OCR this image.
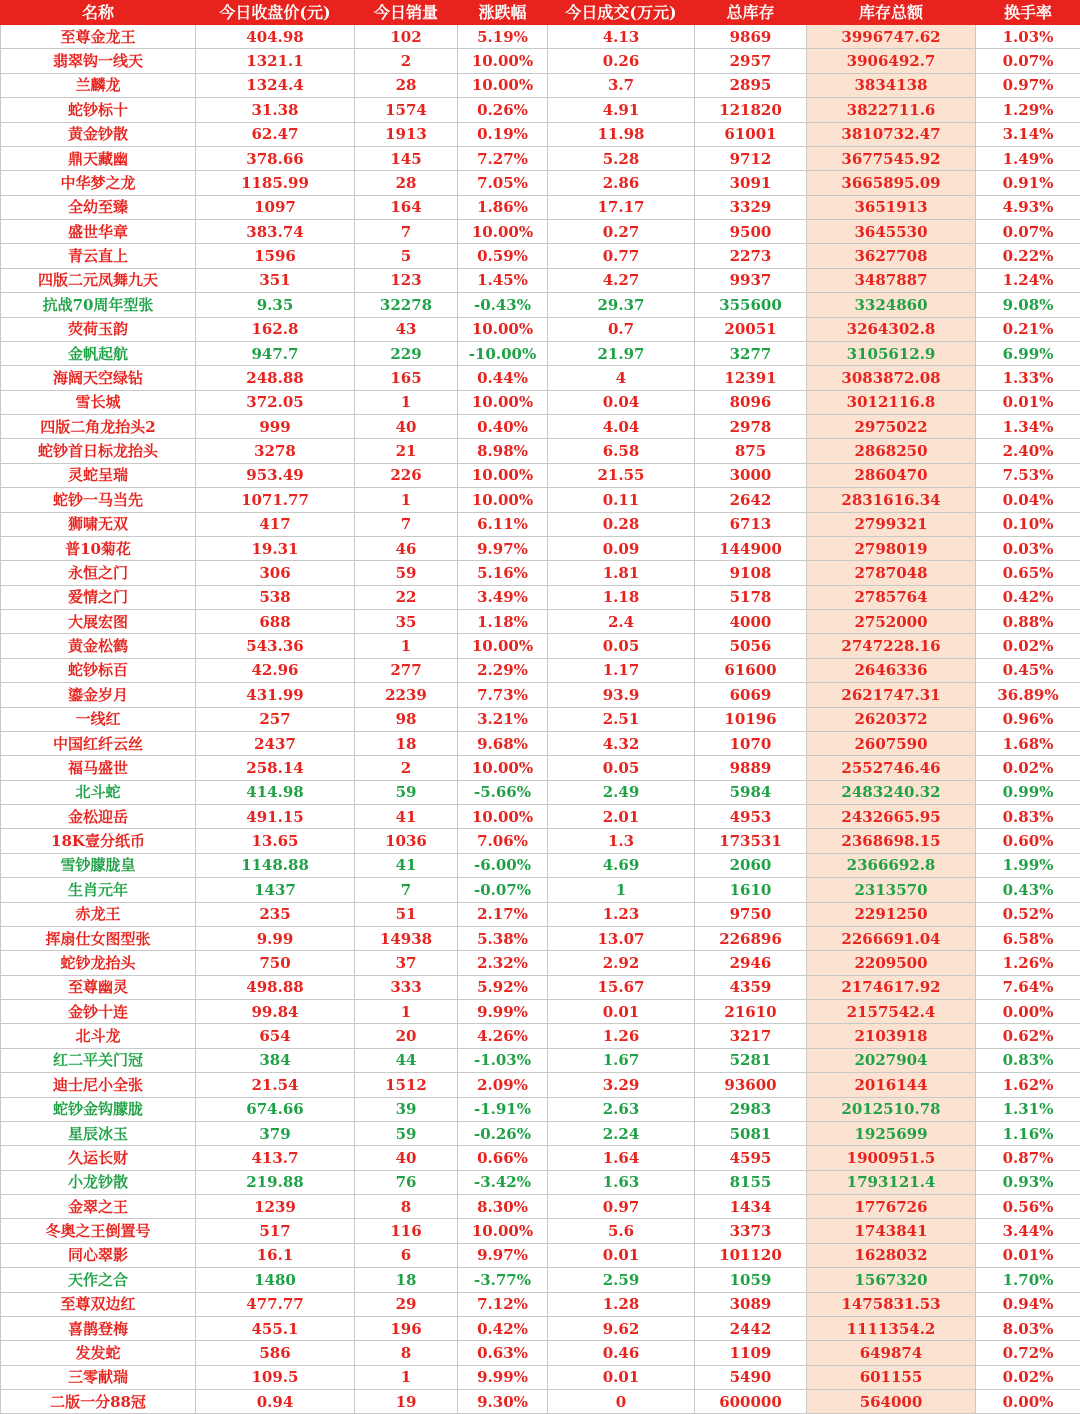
名称	今日收盘价(元)	今日销量	涨跌幅	今日成交(万元)	总库存	库存总额	换手率
至尊金龙王	404.98	102	5.19%	4.13	9869	3996747.62	1.03%
翡翠钩一线天	1321.1	2	10.00%	0.26	2957	3906492.7	0.07%
兰麟龙	1324.4	28	10.00%	3.7	2895	3834138	0.97%
蛇钞标十	31.38	1574	0.26%	4.91	121820	3822711.6	1.29%
黄金钞散	62.47	1913	0.19%	11.98	61001	3810732.47	3.14%
鼎天藏幽	378.66	145	7.27%	5.28	9712	3677545.92	1.49%
中华梦之龙	1185.99	28	7.05%	2.86	3091	3665895.09	0.91%
全幼至臻	1097	164	1.86%	17.17	3329	3651913	4.93%
盛世华章	383.74	7	10.00%	0.27	9500	3645530	0.07%
青云直上	1596	5	0.59%	0.77	2273	3627708	0.22%
四版二元凤舞九天	351	123	1.45%	4.27	9937	3487887	1.24%
抗战70周年型张	9.35	32278	-0.43%	29.37	355600	3324860	9.08%
荧荷玉韵	162.8	43	10.00%	0.7	20051	3264302.8	0.21%
金帆起航	947.7	229	-10.00%	21.97	3277	3105612.9	6.99%
海阔天空绿钻	248.88	165	0.44%	4	12391	3083872.08	1.33%
雪长城	372.05	1	10.00%	0.04	8096	3012116.8	0.01%
四版二角龙抬头2	999	40	0.40%	4.04	2978	2975022	1.34%
蛇钞首日标龙抬头	3278	21	8.98%	6.58	875	2868250	2.40%
灵蛇呈瑞	953.49	226	10.00%	21.55	3000	2860470	7.53%
蛇钞一马当先	1071.77	1	10.00%	0.11	2642	2831616.34	0.04%
狮啸无双	417	7	6.11%	0.28	6713	2799321	0.10%
普10菊花	19.31	46	9.97%	0.09	144900	2798019	0.03%
永恒之门	306	59	5.16%	1.81	9108	2787048	0.65%
爱情之门	538	22	3.49%	1.18	5178	2785764	0.42%
大展宏图	688	35	1.18%	2.4	4000	2752000	0.88%
黄金松鹤	543.36	1	10.00%	0.05	5056	2747228.16	0.02%
蛇钞标百	42.96	277	2.29%	1.17	61600	2646336	0.45%
鎏金岁月	431.99	2239	7.73%	93.9	6069	2621747.31	36.89%
一线红	257	98	3.21%	2.51	10196	2620372	0.96%
中国红纤云丝	2437	18	9.68%	4.32	1070	2607590	1.68%
福马盛世	258.14	2	10.00%	0.05	9889	2552746.46	0.02%
北斗蛇	414.98	59	-5.66%	2.49	5984	2483240.32	0.99%
金松迎岳	491.15	41	10.00%	2.01	4953	2432665.95	0.83%
18K壹分纸币	13.65	1036	7.06%	1.3	173531	2368698.15	0.60%
雪钞朦胧皇	1148.88	41	-6.00%	4.69	2060	2366692.8	1.99%
生肖元年	1437	7	-0.07%	1	1610	2313570	0.43%
赤龙王	235	51	2.17%	1.23	9750	2291250	0.52%
挥扇仕女图型张	9.99	14938	5.38%	13.07	226896	2266691.04	6.58%
蛇钞龙抬头	750	37	2.32%	2.92	2946	2209500	1.26%
至尊幽灵	498.88	333	5.92%	15.67	4359	2174617.92	7.64%
金钞十连	99.84	1	9.99%	0.01	21610	2157542.4	0.00%
北斗龙	654	20	4.26%	1.26	3217	2103918	0.62%
红二平关门冠	384	44	-1.03%	1.67	5281	2027904	0.83%
迪士尼小全张	21.54	1512	2.09%	3.29	93600	2016144	1.62%
蛇钞金钩朦胧	674.66	39	-1.91%	2.63	2983	2012510.78	1.31%
星辰冰玉	379	59	-0.26%	2.24	5081	1925699	1.16%
久运长财	413.7	40	0.66%	1.64	4595	1900951.5	0.87%
小龙钞散	219.88	76	-3.42%	1.63	8155	1793121.4	0.93%
金翠之王	1239	8	8.30%	0.97	1434	1776726	0.56%
冬奥之王倒置号	517	116	10.00%	5.6	3373	1743841	3.44%
同心翠影	16.1	6	9.97%	0.01	101120	1628032	0.01%
天作之合	1480	18	-3.77%	2.59	1059	1567320	1.70%
至尊双边红	477.77	29	7.12%	1.28	3089	1475831.53	0.94%
喜鹊登梅	455.1	196	0.42%	9.62	2442	1111354.2	8.03%
发发蛇	586	8	0.63%	0.46	1109	649874	0.72%
三零献瑞	109.5	1	9.99%	0.01	5490	601155	0.02%
二版一分88冠	0.94	19	9.30%	0	600000	564000	0.00%
